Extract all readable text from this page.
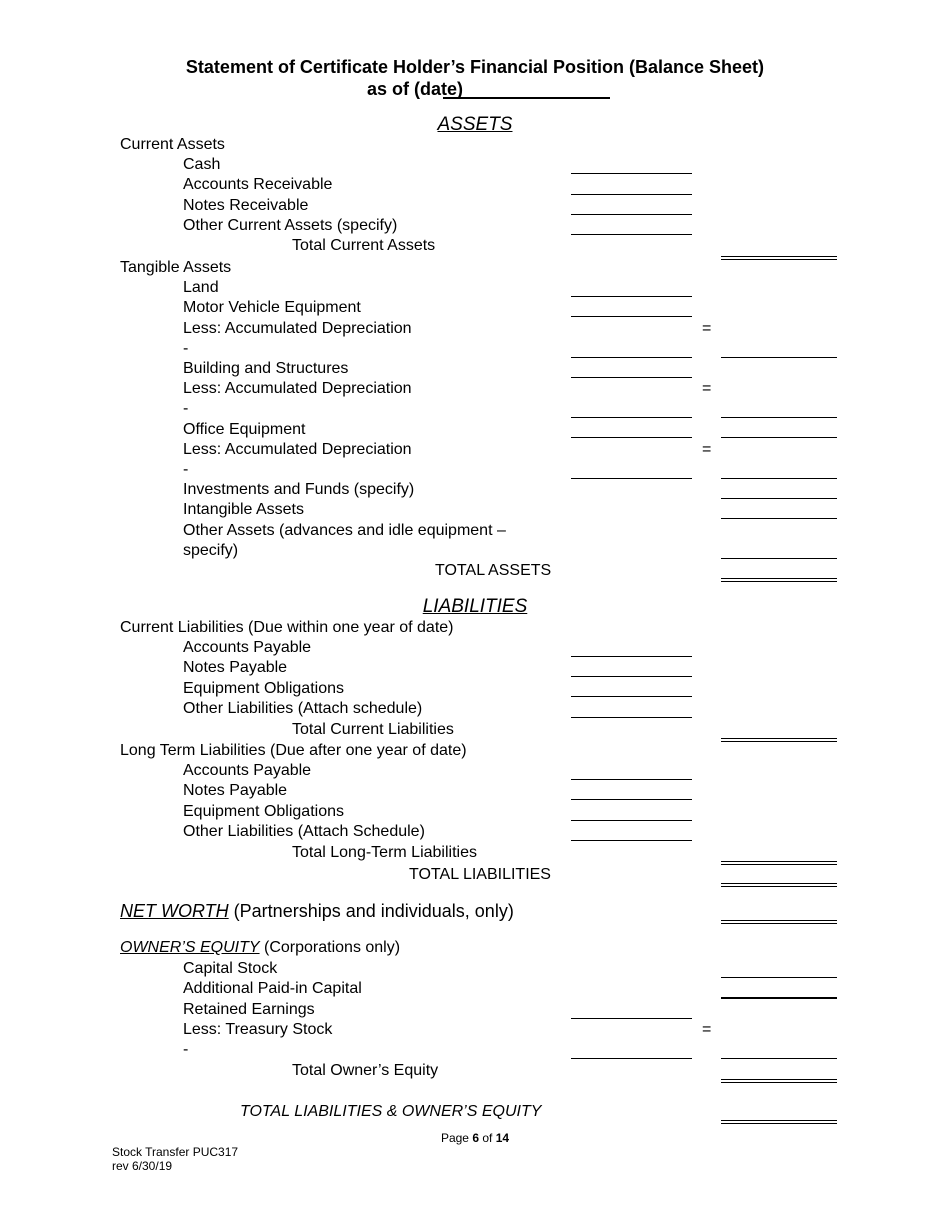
Statement of Certificate Holder’s Financial Position (Balance Sheet)
as of (date)
ASSETS
Current Assets
Cash
Accounts Receivable
Notes Receivable
Other Current Assets (specify)
Total Current Assets
Tangible Assets
Land
Motor Vehicle Equipment
Less: Accumulated Depreciation
-
=
Building and Structures
Less: Accumulated Depreciation
-
=
Office Equipment
Less: Accumulated Depreciation
-
=
Investments and Funds (specify)
Intangible Assets
Other Assets (advances and idle equipment –
specify)
TOTAL ASSETS
LIABILITIES
Current Liabilities (Due within one year of date)
Accounts Payable
Notes Payable
Equipment Obligations
Other Liabilities (Attach schedule)
Total Current Liabilities
Long Term Liabilities (Due after one year of date)
Accounts Payable
Notes Payable
Equipment Obligations
Other Liabilities (Attach Schedule)
Total Long-Term Liabilities
TOTAL LIABILITIES
NET WORTH (Partnerships and individuals, only)
OWNER’S EQUITY (Corporations only)
Capital Stock
Additional Paid-in Capital
Retained Earnings
Less: Treasury Stock
-
=
Total Owner’s Equity
TOTAL LIABILITIES & OWNER’S EQUITY
Page 6 of 14
Stock Transfer PUC317
rev 6/30/19
